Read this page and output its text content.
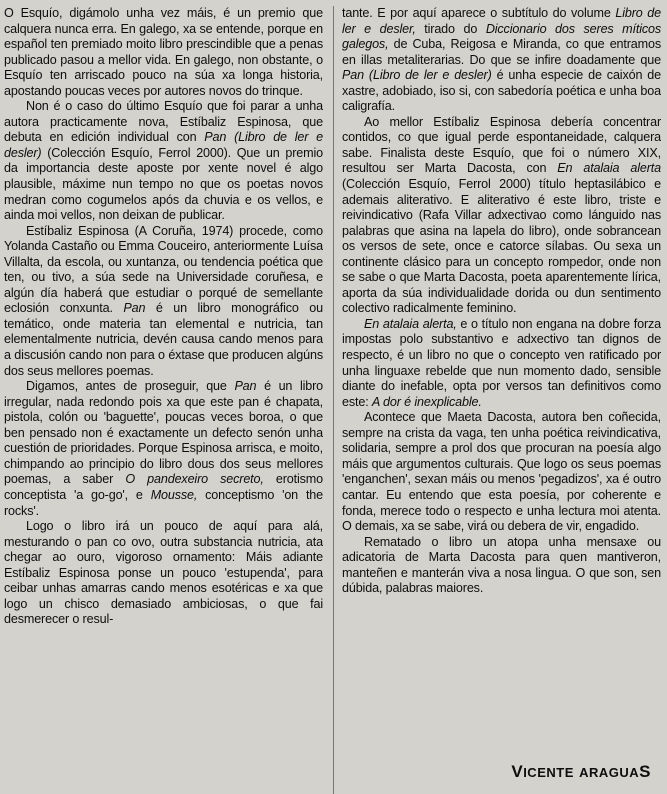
O Esquío, digámolo unha vez máis, é un premio que calquera nunca erra. En galego, xa se entende, porque en español ten premiado moito libro prescindible que a penas publicado pasou a mellor vida. En galego, non obstante, o Esquío ten arriscado pouco na súa xa longa historia, apostando poucas veces por autores novos do trinque.

Non é o caso do último Esquío que foi parar a unha autora practicamente nova, Estíbaliz Espinosa, que debuta en edición individual con Pan (Libro de ler e desler) (Colección Esquío, Ferrol 2000). Que un premio da importancia deste aposte por xente novel é algo plausible, máxime nun tempo no que os poetas novos medran como cogumelos após da chuvia e os vellos, e ainda moi vellos, non deixan de publicar.

Estíbaliz Espinosa (A Coruña, 1974) procede, como Yolanda Castaño ou Emma Couceiro, anteriormente Luísa Villalta, da escola, ou xuntanza, ou tendencia poética que ten, ou tivo, a súa sede na Universidade coruñesa, e algún día haberá que estudiar o porqué de semellante eclosión conxunta. Pan é un libro monográfico ou temático, onde materia tan elemental e nutricia, tan elementalmente nutricia, devén causa cando menos para a discusión cando non para o éxtase que producen algúns dos seus mellores poemas.

Digamos, antes de proseguir, que Pan é un libro irregular, nada redondo pois xa que este pan é chapata, pistola, colón ou 'baguette', poucas veces boroa, o que ben pensado non é exactamente un defecto senón unha cuestión de prioridades. Porque Espinosa arrisca, e moito, chimpando ao principio do libro dous dos seus mellores poemas, a saber O pandexeiro secreto, erotismo conceptista 'a go-go', e Mousse, conceptismo 'on the rocks'.

Logo o libro irá un pouco de aquí para alá, mesturando o pan co ovo, outra substancia nutricia, ata chegar ao ouro, vigoroso ornamento: Máis adiante Estíbaliz Espinosa ponse un pouco 'estupenda', para ceibar unhas amarras cando menos esotéricas e xa que logo un chisco demasiado ambiciosas, o que fai desmerecer o resul-

tante. E por aquí aparece o subtítulo do volume Libro de ler e desler, tirado do Diccionario dos seres míticos galegos, de Cuba, Reigosa e Miranda, co que entramos en illas metaliterarias. Do que se infire doadamente que Pan (Libro de ler e desler) é unha especie de caixón de xastre, adobiado, iso si, con sabedoría poética e unha boa caligrafía.

Ao mellor Estíbaliz Espinosa debería concentrar contidos, co que igual perde espontaneidade, calquera sabe. Finalista deste Esquío, que foi o número XIX, resultou ser Marta Dacosta, con En atalaia alerta (Colección Esquío, Ferrol 2000) título heptasilábico e ademais aliterativo. E aliterativo é este libro, triste e reivindicativo (Rafa Villar adxectivao como lánguido nas palabras que asina na lapela do libro), onde sobrancean os versos de sete, once e catorce sílabas. Ou sexa un continente clásico para un concepto rompedor, onde non se sabe o que Marta Dacosta, poeta aparentemente lírica, aporta da súa individualidade dorida ou dun sentimento colectivo radicalmente feminino.

En atalaia alerta, e o título non engana na dobre forza impostas polo substantivo e adxectivo tan dignos de respecto, é un libro no que o concepto ven ratificado por unha linguaxe rebelde que nun momento dado, sensible diante do inefable, opta por versos tan definitivos como este: A dor é inexplicable.

Acontece que Maeta Dacosta, autora ben coñecida, sempre na crista da vaga, ten unha poética reivindicativa, solidaria, sempre a prol dos que procuran na poesía algo máis que argumentos culturais. Que logo os seus poemas 'enganchen', sexan máis ou menos 'pegadizos', xa é outro cantar. Eu entendo que esta poesía, por coherente e fonda, merece todo o respecto e unha lectura moi atenta. O demais, xa se sabe, virá ou debera de vir, engadido.

Rematado o libro un atopa unha mensaxe ou adicatoria de Marta Dacosta para quen mantiveron, manteñen e manterán viva a nosa lingua. O que son, sen dúbida, palabras maiores.

VICENTE ARAGUAS
